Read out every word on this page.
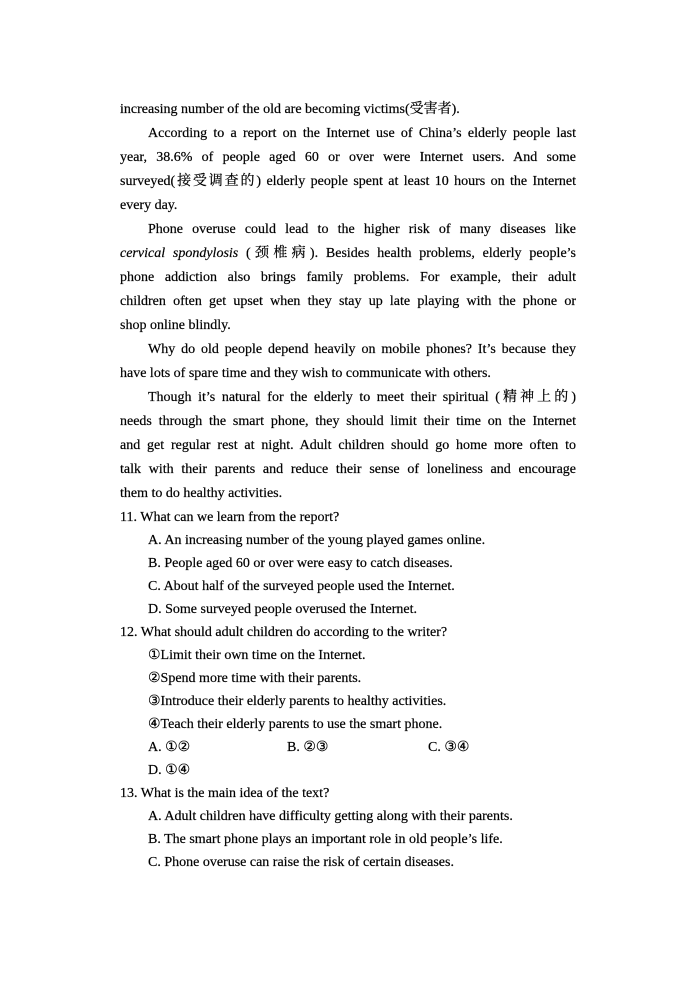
increasing number of the old are becoming victims(受害者).
According to a report on the Internet use of China’s elderly people last
year, 38.6% of people aged 60 or over were Internet users. And some
surveyed(接受调查的) elderly people spent at least 10 hours on the Internet
every day.
Phone overuse could lead to the higher risk of many diseases like
cervical spondylosis (颈椎病). Besides health problems, elderly people’s
phone addiction also brings family problems. For example, their adult
children often get upset when they stay up late playing with the phone or
shop online blindly.
Why do old people depend heavily on mobile phones? It’s because they
have lots of spare time and they wish to communicate with others.
Though it’s natural for the elderly to meet their spiritual (精神上的)
needs through the smart phone, they should limit their time on the Internet
and get regular rest at night. Adult children should go home more often to
talk with their parents and reduce their sense of loneliness and encourage
them to do healthy activities.
11. What can we learn from the report?
A. An increasing number of the young played games online.
B. People aged 60 or over were easy to catch diseases.
C. About half of the surveyed people used the Internet.
D. Some surveyed people overused the Internet.
12. What should adult children do according to the writer?
①Limit their own time on the Internet.
②Spend more time with their parents.
③Introduce their elderly parents to healthy activities.
④Teach their elderly parents to use the smart phone.
A. ①②	B. ②③	C. ③④
D. ①④
13. What is the main idea of the text?
A. Adult children have difficulty getting along with their parents.
B. The smart phone plays an important role in old people’s life.
C. Phone overuse can raise the risk of certain diseases.
